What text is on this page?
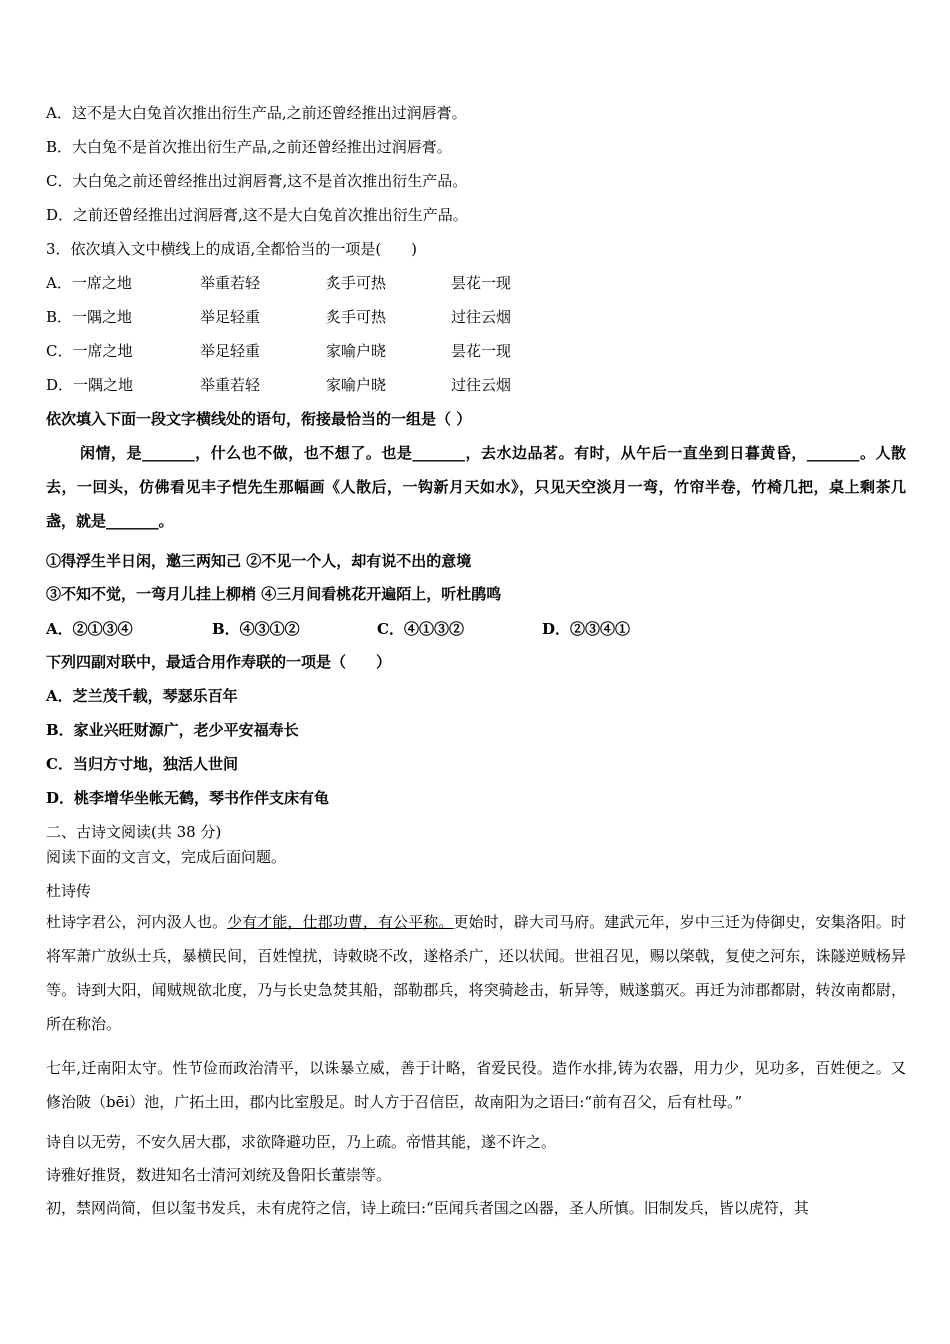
A．这不是大白兔首次推出衍生产品,之前还曾经推出过润唇膏。
B．大白兔不是首次推出衍生产品,之前还曾经推出过润唇膏。
C．大白兔之前还曾经推出过润唇膏,这不是首次推出衍生产品。
D．之前还曾经推出过润唇膏,这不是大白兔首次推出衍生产品。
3．依次填入文中横线上的成语,全都恰当的一项是(　　)
A．一席之地	举重若轻	炙手可热	昙花一现
B．一隅之地	举足轻重	炙手可热	过往云烟
C．一席之地	举足轻重	家喻户晓	昙花一现
D．一隅之地	举重若轻	家喻户晓	过往云烟
依次填入下面一段文字横线处的语句，衔接最恰当的一组是（ ）
闲情，是_______，什么也不做，也不想了。也是_______，去水边品茗。有时，从午后一直坐到日暮黄昏，_______。人散去，一回头，仿佛看见丰子恺先生那幅画《人散后，一钩新月天如水》，只见天空淡月一弯，竹帘半卷，竹椅几把，桌上剩茶几盏，就是_______。
①得浮生半日闲，邀三两知己 ②不见一个人，却有说不出的意境
③不知不觉，一弯月儿挂上柳梢 ④三月间看桃花开遍陌上，听杜鹃鸣
A．②①③④	B．④③①②	C．④①③②	D．②③④①
下列四副对联中，最适合用作寿联的一项是（　　）
A．芝兰茂千载，琴瑟乐百年
B．家业兴旺财源广，老少平安福寿长
C．当归方寸地，独活人世间
D．桃李增华坐帐无鹤，琴书作伴支床有龟
二、古诗文阅读(共 38 分)
阅读下面的文言文，完成后面问题。
杜诗传
杜诗字君公，河内汲人也。少有才能，仕郡功曹，有公平称。更始时，辟大司马府。建武元年，岁中三迁为侍御史，安集洛阳。时将军萧广放纵士兵，暴横民间，百姓惶扰，诗敕晓不改，遂格杀广，还以状闻。世祖召见，赐以棨戟，复使之河东，诛隧逆贼杨异等。诗到大阳，闻贼规欲北度，乃与长史急焚其船，部勒郡兵，将突骑趁击，斩异等，贼遂翦灭。再迁为沛郡都尉，转汝南都尉，所在称治。
七年,迁南阳太守。性节俭而政治清平，以诛暴立威，善于计略，省爱民役。造作水排,铸为农器，用力少，见功多，百姓便之。又修治陂（bēi）池，广拓土田，郡内比室殷足。时人方于召信臣，故南阳为之语曰:“前有召父，后有杜母。”
诗自以无劳，不安久居大郡，求欲降避功臣，乃上疏。帝惜其能，遂不许之。
诗雅好推贤，数进知名士清河刘统及鲁阳长董崇等。
初，禁网尚简，但以玺书发兵，未有虎符之信，诗上疏曰:“臣闻兵者国之凶器，圣人所慎。旧制发兵，皆以虎符，其
